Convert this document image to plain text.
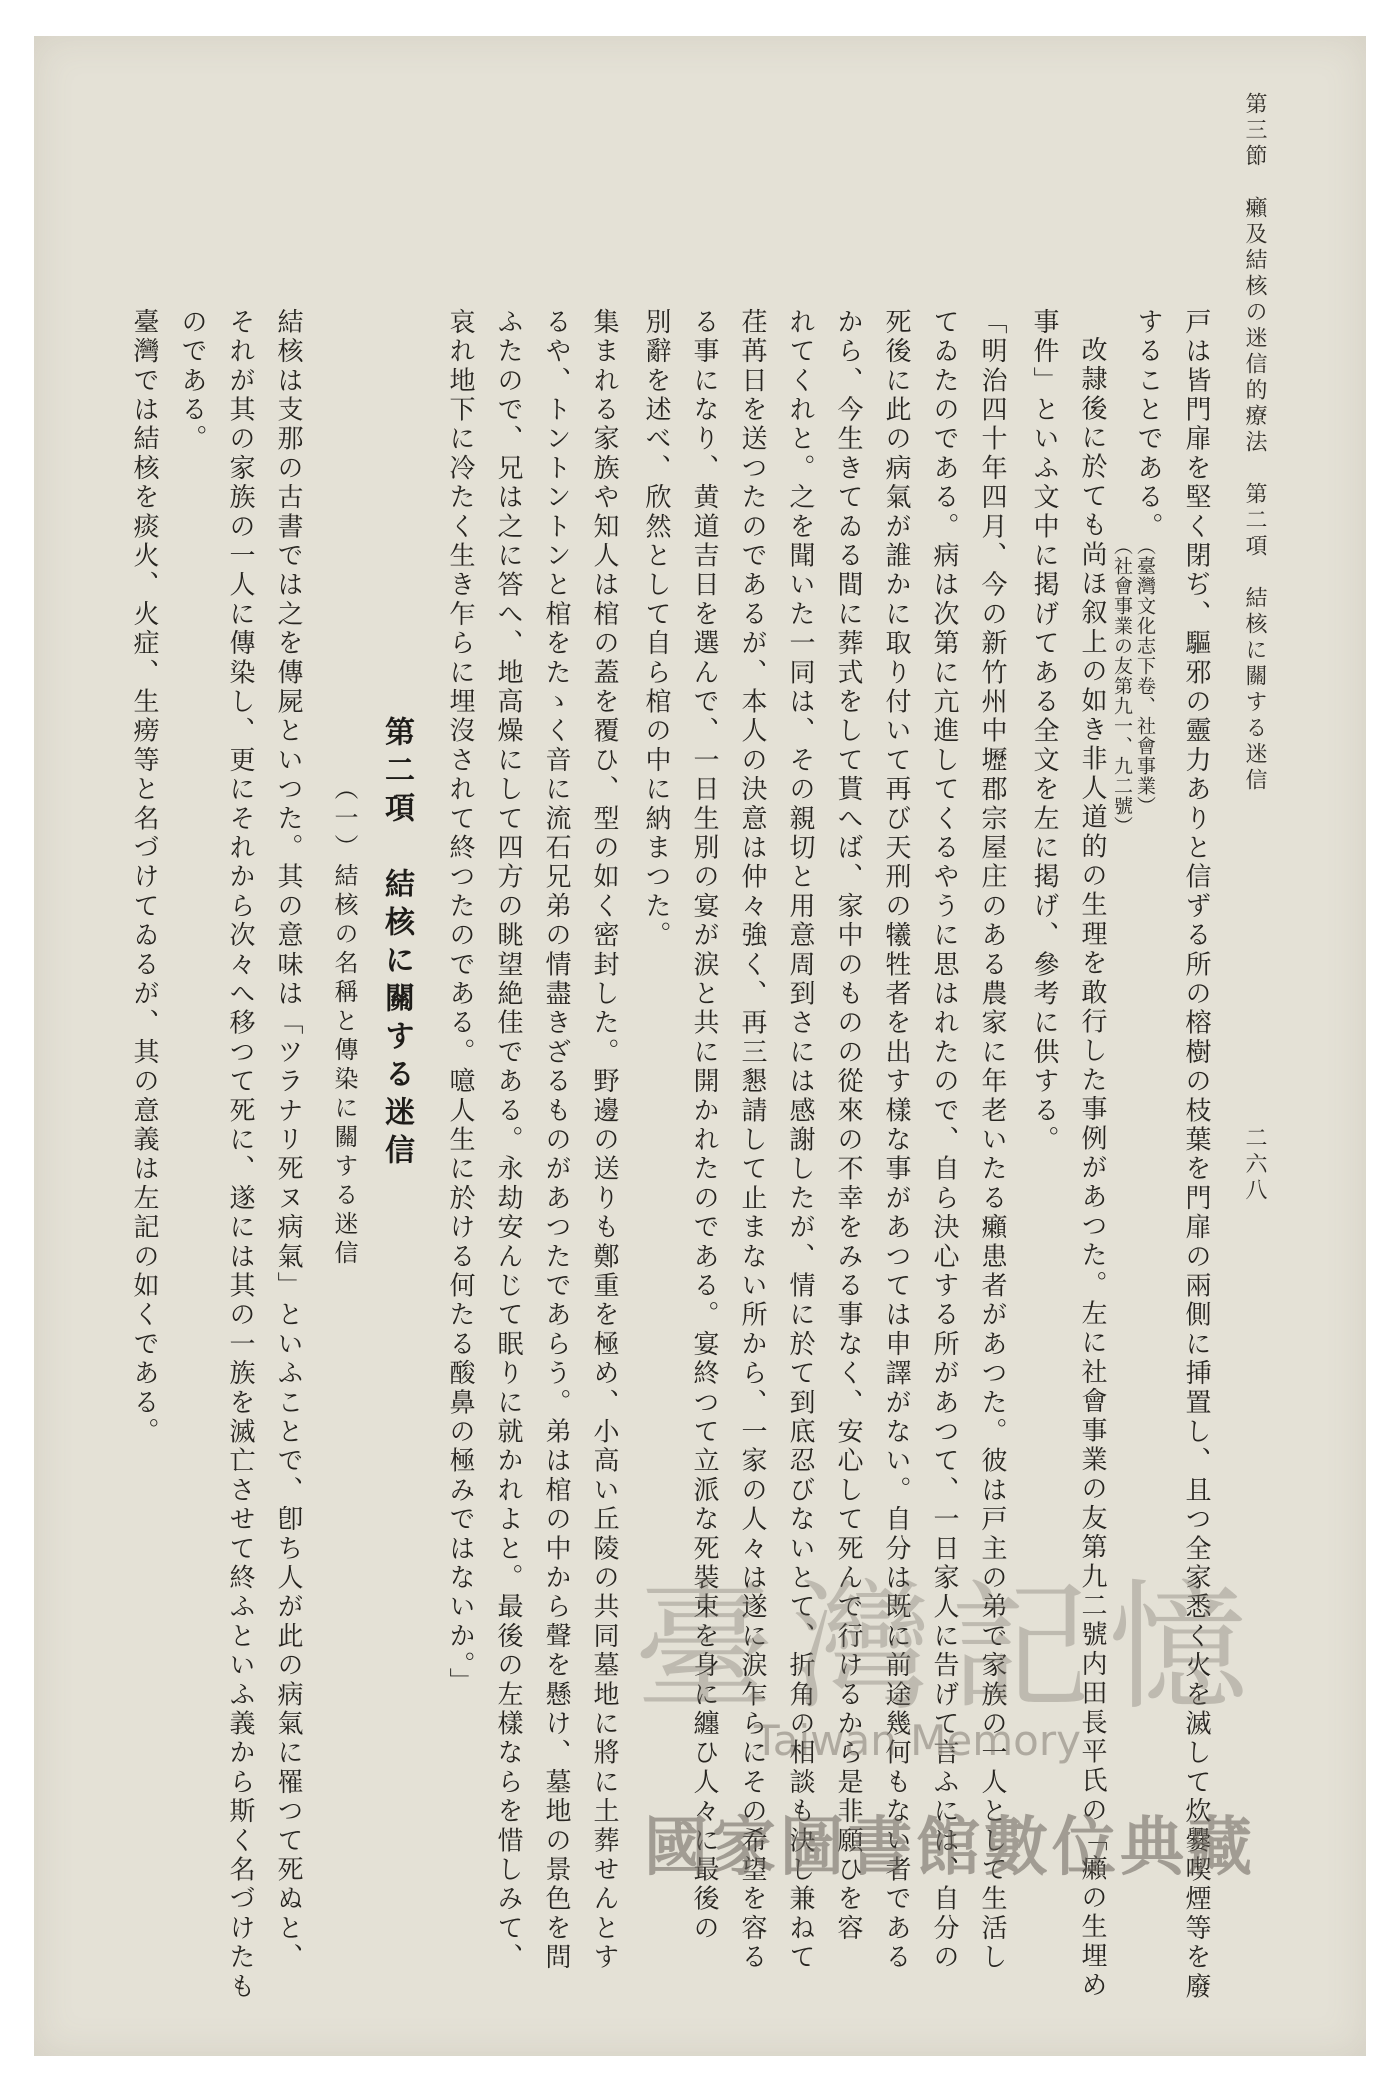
第三節　癩及結核の迷信的療法　第二項　結核に關する迷信
二六八
戸は皆門扉を堅く閉ぢ、驅邪の靈力ありと信ずる所の榕樹の枝葉を門扉の兩側に挿置し、且つ全家悉く火を滅して炊爨喫煙等を廢
することである。
（臺灣文化志下卷、社會事業）
（社會事業の友第九一、九二號）
改隷後に於ても尚ほ叙上の如き非人道的の生理を敢行した事例があつた。左に社會事業の友第九二號内田長平氏の「癩の生埋め
事件」といふ文中に掲げてある全文を左に掲げ、參考に供する。
「明治四十年四月、今の新竹州中壢郡宗屋庄のある農家に年老いたる癩患者があつた。彼は戸主の弟で家族の一人として生活し
てゐたのである。病は次第に亢進してくるやうに思はれたので、自ら決心する所があつて、一日家人に告げて言ふには、自分の
死後に此の病氣が誰かに取り付いて再び天刑の犧牲者を出す樣な事があつては申譯がない。自分は既に前途幾何もない者である
から、今生きてゐる間に葬式をして貰へば、家中のものの從來の不幸をみる事なく、安心して死んで行けるから是非願ひを容
れてくれと。之を聞いた一同は、その親切と用意周到さには感謝したが、情に於て到底忍びないとて、折角の相談も決し兼ねて
荏苒日を送つたのであるが、本人の決意は仲々強く、再三懇請して止まない所から、一家の人々は遂に涙乍らにその希望を容る
る事になり、黄道吉日を選んで、一日生別の宴が涙と共に開かれたのである。宴終つて立派な死裝束を身に纏ひ人々に最後の
別辭を述べ、欣然として自ら棺の中に納まつた。
集まれる家族や知人は棺の蓋を覆ひ、型の如く密封した。野邊の送りも鄭重を極め、小高い丘陵の共同墓地に將に土葬せんとす
るや、トントントンと棺をたゝく音に流石兄弟の情盡きざるものがあつたであらう。弟は棺の中から聲を懸け、墓地の景色を問
ふたので、兄は之に答へ、地高燥にして四方の眺望絶佳である。永劫安んじて眠りに就かれよと。最後の左樣ならを惜しみて、
哀れ地下に冷たく生き乍らに埋沒されて終つたのである。噫人生に於ける何たる酸鼻の極みではないか。」
第二項　結核に關する迷信
（一）結核の名稱と傳染に關する迷信
結核は支那の古書では之を傳屍といつた。其の意味は「ツラナリ死ヌ病氣」といふことで、卽ち人が此の病氣に罹つて死ぬと、
それが其の家族の一人に傳染し、更にそれから次々へ移つて死に、遂には其の一族を滅亡させて終ふといふ義から斯く名づけたも
のである。
臺灣では結核を痰火、火症、生痨等と名づけてゐるが、其の意義は左記の如くである。
臺灣記憶
Taiwan Memory
國家圖書館數位典藏
